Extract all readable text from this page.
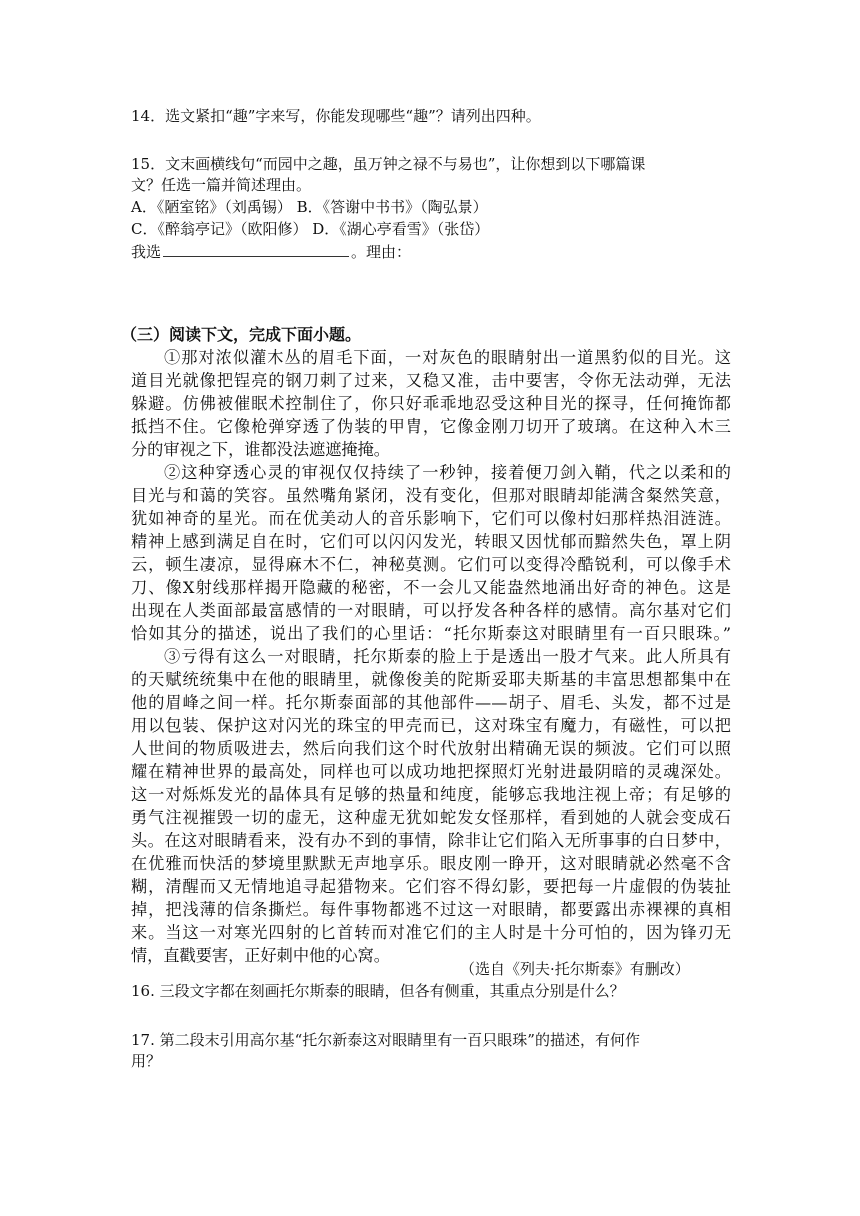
14．选文紧扣“趣”字来写，你能发现哪些“趣”？请列出四种。
15．文末画横线句“而园中之趣，虽万钟之禄不与易也”，让你想到以下哪篇课
文？任选一篇并简述理由。
A．《陋室铭》（刘禹锡） B．《答谢中书书》（陶弘景）
C．《醉翁亭记》（欧阳修） D．《湖心亭看雪》（张岱）
我选	。理由：
（三）阅读下文，完成下面小题。
①那对浓似灌木丛的眉毛下面，一对灰色的眼睛射出一道黑豹似的目光。这
道目光就像把锃亮的钢刀刺了过来，又稳又准，击中要害，令你无法动弹，无法
躲避。仿佛被催眠术控制住了，你只好乖乖地忍受这种目光的探寻，任何掩饰都
抵挡不住。它像枪弹穿透了伪装的甲胄，它像金刚刀切开了玻璃。在这种入木三
分的审视之下，谁都没法遮遮掩掩。
②这种穿透心灵的审视仅仅持续了一秒钟，接着便刀剑入鞘，代之以柔和的
目光与和蔼的笑容。虽然嘴角紧闭，没有变化，但那对眼睛却能满含粲然笑意，
犹如神奇的星光。而在优美动人的音乐影响下，它们可以像村妇那样热泪涟涟。
精神上感到满足自在时，它们可以闪闪发光，转眼又因忧郁而黯然失色，罩上阴
云，顿生凄凉，显得麻木不仁，神秘莫测。它们可以变得冷酷锐利，可以像手术
刀、像X射线那样揭开隐藏的秘密，不一会儿又能盎然地涌出好奇的神色。这是
出现在人类面部最富感情的一对眼睛，可以抒发各种各样的感情。高尔基对它们
恰如其分的描述，说出了我们的心里话：“托尔斯泰这对眼睛里有一百只眼珠。”
③亏得有这么一对眼睛，托尔斯泰的脸上于是透出一股才气来。此人所具有
的天赋统统集中在他的眼睛里，就像俊美的陀斯妥耶夫斯基的丰富思想都集中在
他的眉峰之间一样。托尔斯泰面部的其他部件——胡子、眉毛、头发，都不过是
用以包装、保护这对闪光的珠宝的甲壳而已，这对珠宝有魔力，有磁性，可以把
人世间的物质吸进去，然后向我们这个时代放射出精确无误的频波。它们可以照
耀在精神世界的最高处，同样也可以成功地把探照灯光射进最阴暗的灵魂深处。
这一对烁烁发光的晶体具有足够的热量和纯度，能够忘我地注视上帝；有足够的
勇气注视摧毁一切的虚无，这种虚无犹如蛇发女怪那样，看到她的人就会变成石
头。在这对眼睛看来，没有办不到的事情，除非让它们陷入无所事事的白日梦中，
在优雅而快活的梦境里默默无声地享乐。眼皮刚一睁开，这对眼睛就必然毫不含
糊，清醒而又无情地追寻起猎物来。它们容不得幻影，要把每一片虚假的伪装扯
掉，把浅薄的信条撕烂。每件事物都逃不过这一对眼睛，都要露出赤裸裸的真相
来。当这一对寒光四射的匕首转而对准它们的主人时是十分可怕的，因为锋刃无
情，直戳要害，正好刺中他的心窝。
（选自《列夫·托尔斯泰》有删改）
16. 三段文字都在刻画托尔斯泰的眼睛，但各有侧重，其重点分别是什么？
17. 第二段末引用高尔基“托尔新泰这对眼睛里有一百只眼珠”的描述，有何作
用？
